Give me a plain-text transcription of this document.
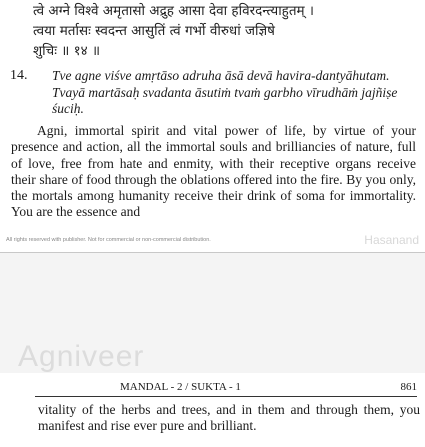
त्वे अग्ने विश्वे अमृतासो अद्रुह आसा देवा हविरदन्त्याहुतम् ।
त्वया मर्तासः स्वदन्त आसुतिं त्वं गर्भो वीरुधां जज्ञिषे
शुचिः ॥ १४ ॥
14. Tve agne viśve amṛtāso adruha āsā devā havira-dantyāhutam. Tvayā martāsaḥ svadanta āsutiṁ tvaṁ garbho vīrudhāṁ jajñiṣe śuciḥ.

Agni, immortal spirit and vital power of life, by virtue of your presence and action, all the immortal souls and brilliancies of nature, full of love, free from hate and enmity, with their receptive organs receive their share of food through the oblations offered into the fire. By you only, the mortals among humanity receive their drink of soma for immortality. You are the essence and

All rights reserved with publisher. Not for commercial or non-commercial distribution.	Hasanand
Agniveer
MANDAL - 2 / SUKTA - 1	861
vitality of the herbs and trees, and in them and through them, you manifest and rise ever pure and brilliant.
